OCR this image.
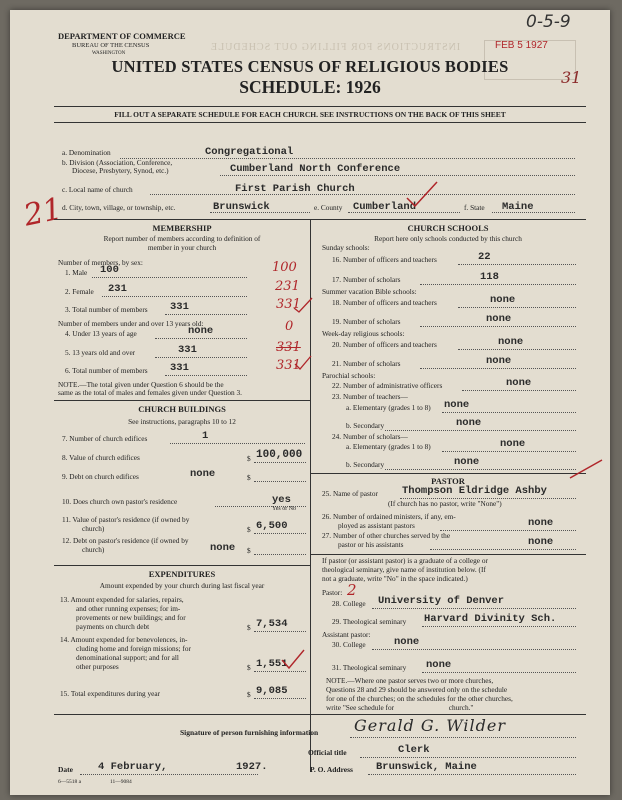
INSTRUCTIONS FOR FILLING OUT SCHEDULE
DEPARTMENT OF COMMERCE
BUREAU OF THE CENSUS
WASHINGTON
FEB 5 1927
0-5-9
31
UNITED STATES CENSUS OF RELIGIOUS BODIES
SCHEDULE: 1926
FILL OUT A SEPARATE SCHEDULE FOR EACH CHURCH. SEE INSTRUCTIONS ON THE BACK OF THIS SHEET
21
a. Denomination	Congregational
b. Division (Association, Conference,
Diocese, Presbytery, Synod, etc.)	Cumberland North Conference
c. Local name of church	First Parish Church
d. City, town, village, or township, etc.	Brunswick	e. County Cumberland	f. State Maine
MEMBERSHIP
Report number of members according to definition of
member in your church
Number of members, by sex:
1. Male 100	100
2. Female 231	231
3. Total number of members 331	331
Number of members under and over 13 years old:
4. Under 13 years of age	none	0
5. 13 years old and over	331	331
6. Total number of members 331	331
NOTE.—The total given under Question 6 should be the
same as the total of males and females given under Question 3.
CHURCH BUILDINGS
See instructions, paragraphs 10 to 12
7. Number of church edifices	1
8. Value of church edifices	$ 100,000
9. Debt on church edifices	$
none
10. Does church own pastor's residence	yes
Yes or No
11. Value of pastor's residence (if owned by
church)	$ 6,500
12. Debt on pastor's residence (if owned by
church)	$
none
EXPENDITURES
Amount expended by your church during last fiscal year
13. Amount expended for salaries, repairs,
and other running expenses; for im-
provements or new buildings; and for
payments on church debt	$ 7,534
14. Amount expended for benevolences, in-
cluding home and foreign missions; for
denominational support; and for all
other purposes	$ 1,551
15. Total expenditures during year	$ 9,085
CHURCH SCHOOLS
Report here only schools conducted by this church
Sunday schools:
16. Number of officers and teachers	22
17. Number of scholars	118
Summer vacation Bible schools:
18. Number of officers and teachers	none
19. Number of scholars	none
Week-day religious schools:
20. Number of officers and teachers	none
21. Number of scholars	none
Parochial schools:
22. Number of administrative officers	none
23. Number of teachers—
a. Elementary (grades 1 to 8) none
b. Secondary	none
24. Number of scholars—
a. Elementary (grades 1 to 8)	none
b. Secondary	none
PASTOR
25. Name of pastor Thompson Eldridge Ashby
(If church has no pastor, write "None")
26. Number of ordained ministers, if any, em-
ployed as assistant pastors	none
27. Number of other churches served by the
pastor or his assistants	none
If pastor (or assistant pastor) is a graduate of a college or
theological seminary, give name of institution below. (If
not a graduate, write "No" in the space indicated.)
Pastor: 2
28. College University of Denver
29. Theological seminary Harvard Divinity Sch.
Assistant pastor:
30. College	none
31. Theological seminary none
NOTE.—Where one pastor serves two or more churches,
Questions 28 and 29 should be answered only on the schedule
for one of the churches; on the schedules for the other churches,
write "See schedule for                              church."
Signature of person furnishing information Gerald G. Wilder
Official title	Clerk
Date 4 February,	1927.	P. O. Address Brunswick, Maine
6—5518 a	11—9084
